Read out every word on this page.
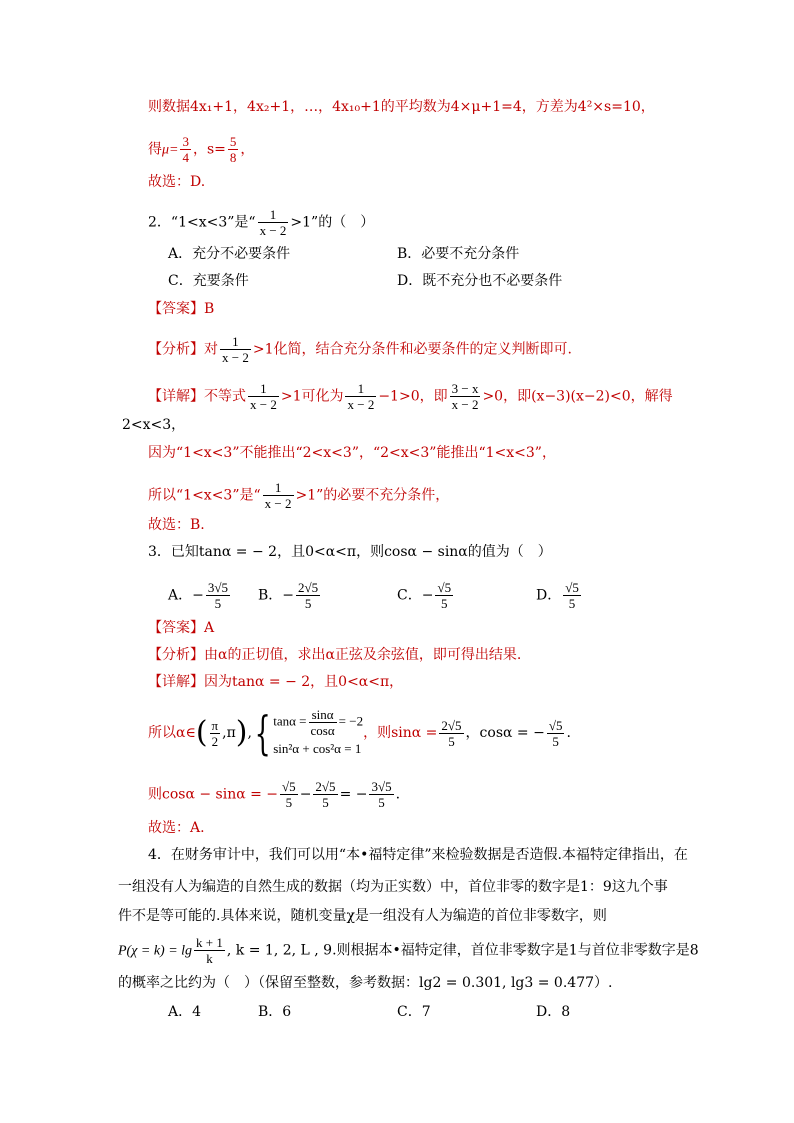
则数据4x₁+1，4x₂+1，…，4x₁₀+1的平均数为4×μ+1=4，方差为4²×s=10，
得$\mu= \frac{3}{4}$ ，$s= \frac{5}{8}$ ，
故选：D.
2．“1<x<3”是“ $\frac{1}{x - 2} >1$”的（　）
A．充分不必要条件	B．必要不充分条件
C．充要条件	D．既不充分也不必要条件
【答案】B
【分析】对 $\frac{1}{x - 2} >1$化简，结合充分条件和必要条件的定义判断即可.
【详解】不等式 $\frac{1}{x - 2} >1$可化为 $\frac{1}{x - 2} -1>0$，即 $\frac{3 - x}{x - 2} >0$，即(x−3)(x−2)<0，解得
2<x<3，
因为“1<x<3”不能推出“2<x<3”，“2<x<3”能推出“1<x<3”，
所以“1<x<3”是“ $\frac{1}{x - 2} >1$”的必要不充分条件，
故选：B.
3．已知tanα = − 2，且0<α<π，则cosα − sinα的值为（　）
A．− $\frac{3√5}{5}$ B．− $\frac{2√5}{5}$	C．− $\frac{√5}{5}$	D． $\frac{√5}{5}$
【答案】A
【分析】由α的正切值，求出α正弦及余弦值，即可得出结果.
【详解】因为tanα = − 2，且0<α<π，
所以α∈( $\frac{\pi}{2} ,\pi$),{ $\tan\alpha = \frac{\sin\alpha}{\cos\alpha} = -2$
sin²α + cos²α = 1
，则$\sin\alpha = \frac{2√5}{5}$ ，cosα = − $\frac{√5}{5}$ .
则cosα − sinα = − $\frac{√5}{5} - \frac{2√5}{5}$ = − $\frac{3√5}{5}$ .
故选：A.
4．在财务审计中，我们可以用“本•福特定律”来检验数据是否造假.本福特定律指出，在
一组没有人为编造的自然生成的数据（均为正实数）中，首位非零的数字是1：9这九个事
件不是等可能的.具体来说，随机变量χ是一组没有人为编造的首位非零数字，则
$P(\chi = k) = \lg \frac{k + 1}{k}$ , k = 1, 2, L , 9.则根据本•福特定律，首位非零数字是1与首位非零数字是8
的概率之比约为（　）（保留至整数，参考数据：lg2 = 0.301, lg3 = 0.477）.
A．4	B．6	C．7	D．8
